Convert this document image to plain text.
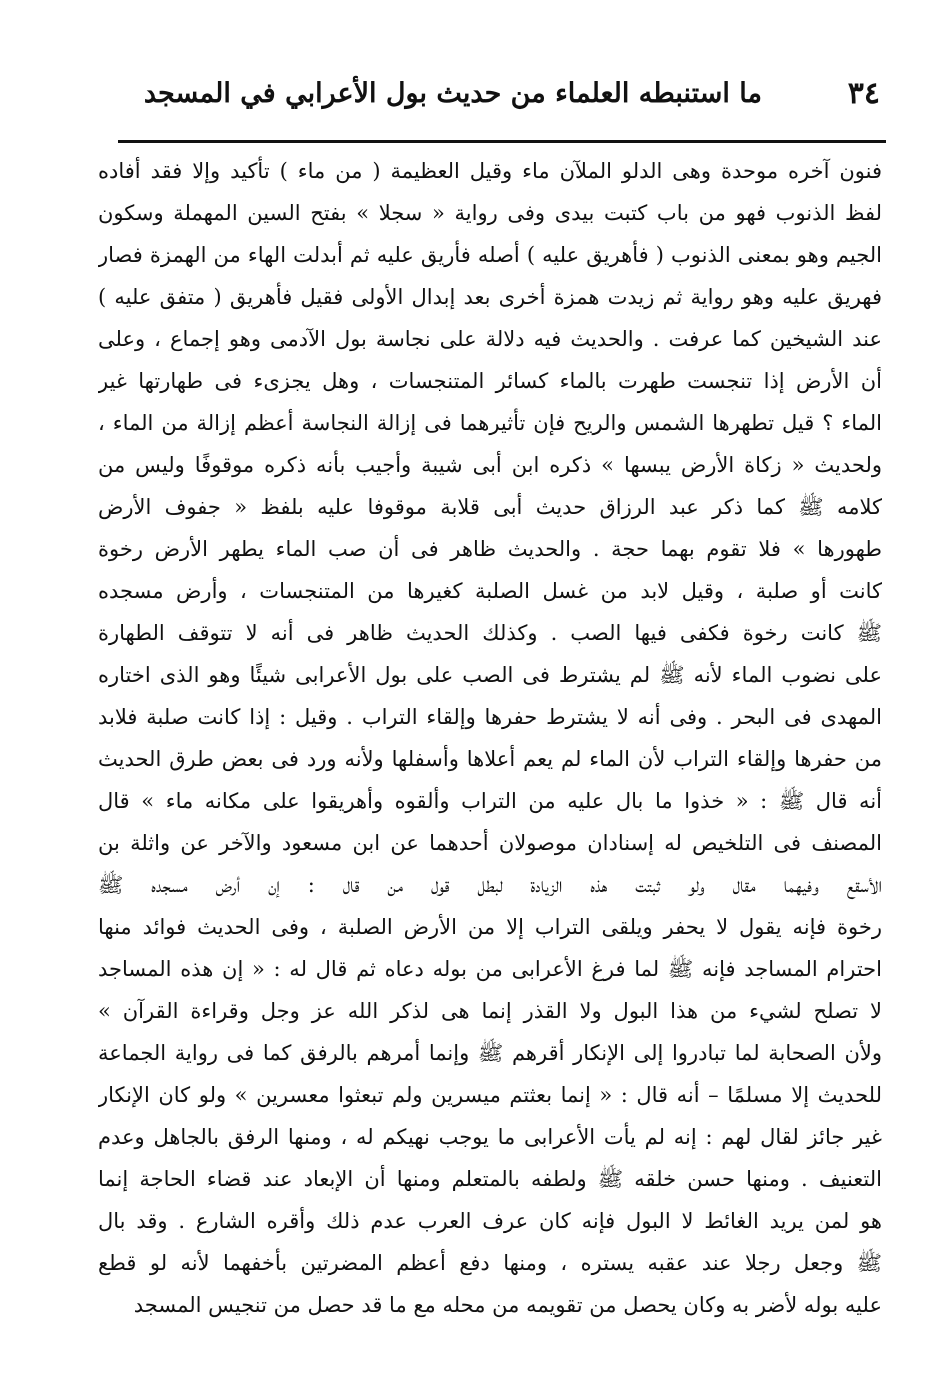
٣٤
ما استنبطه العلماء من حديث بول الأعرابي في المسجد
فنون آخره موحدة وهى الدلو الملآن ماء وقيل العظيمة ( من ماء ) تأكيد وإلا فقد أفاده
لفظ الذنوب فهو من باب كتبت بيدى وفى رواية « سجلا » بفتح السين المهملة وسكون
الجيم وهو بمعنى الذنوب ( فأهريق عليه ) أصله فأريق عليه ثم أبدلت الهاء من الهمزة فصار
فهريق عليه وهو رواية ثم زيدت همزة أخرى بعد إبدال الأولى فقيل فأهريق ( متفق عليه )
عند الشيخين كما عرفت . والحديث فيه دلالة على نجاسة بول الآدمى وهو إجماع ، وعلى
أن الأرض إذا تنجست طهرت بالماء كسائر المتنجسات ، وهل يجزىء فى طهارتها غير
الماء ؟ قيل تطهرها الشمس والريح فإن تأثيرهما فى إزالة النجاسة أعظم إزالة من الماء ،
ولحديث « زكاة الأرض يبسها » ذكره ابن أبى شيبة وأجيب بأنه ذكره موقوفًا وليس من
كلامه ﷺ كما ذكر عبد الرزاق حديث أبى قلابة موقوفا عليه بلفظ « جفوف الأرض
طهورها » فلا تقوم بهما حجة . والحديث ظاهر فى أن صب الماء يطهر الأرض رخوة
كانت أو صلبة ، وقيل لابد من غسل الصلبة كغيرها من المتنجسات ، وأرض مسجده
ﷺ كانت رخوة فكفى فيها الصب . وكذلك الحديث ظاهر فى أنه لا تتوقف الطهارة
على نضوب الماء لأنه ﷺ لم يشترط فى الصب على بول الأعرابى شيئًا وهو الذى اختاره
المهدى فى البحر . وفى أنه لا يشترط حفرها وإلقاء التراب . وقيل : إذا كانت صلبة فلابد
من حفرها وإلقاء التراب لأن الماء لم يعم أعلاها وأسفلها ولأنه ورد فى بعض طرق الحديث
أنه قال ﷺ : « خذوا ما بال عليه من التراب وألقوه وأهريقوا على مكانه ماء » قال
المصنف فى التلخيص له إسنادان موصولان أحدهما عن ابن مسعود والآخر عن واثلة بن
الأسقع وفيهما مقال ولو ثبتت هذه الزيادة لبطل قول من قال : إن أرض مسجده ﷺ
رخوة فإنه يقول لا يحفر ويلقى التراب إلا من الأرض الصلبة ، وفى الحديث فوائد منها
احترام المساجد فإنه ﷺ لما فرغ الأعرابى من بوله دعاه ثم قال له : « إن هذه المساجد
لا تصلح لشيء من هذا البول ولا القذر إنما هى لذكر الله عز وجل وقراءة القرآن »
ولأن الصحابة لما تبادروا إلى الإنكار أقرهم ﷺ وإنما أمرهم بالرفق كما فى رواية الجماعة
للحديث إلا مسلمًا – أنه قال : « إنما بعثتم ميسرين ولم تبعثوا معسرين » ولو كان الإنكار
غير جائز لقال لهم : إنه لم يأت الأعرابى ما يوجب نهيكم له ، ومنها الرفق بالجاهل وعدم
التعنيف . ومنها حسن خلقه ﷺ ولطفه بالمتعلم ومنها أن الإبعاد عند قضاء الحاجة إنما
هو لمن يريد الغائط لا البول فإنه كان عرف العرب عدم ذلك وأقره الشارع . وقد بال
ﷺ وجعل رجلا عند عقبه يستره ، ومنها دفع أعظم المضرتين بأخفهما لأنه لو قطع
عليه بوله لأضر به وكان يحصل من تقويمه من محله مع ما قد حصل من تنجيس المسجد
